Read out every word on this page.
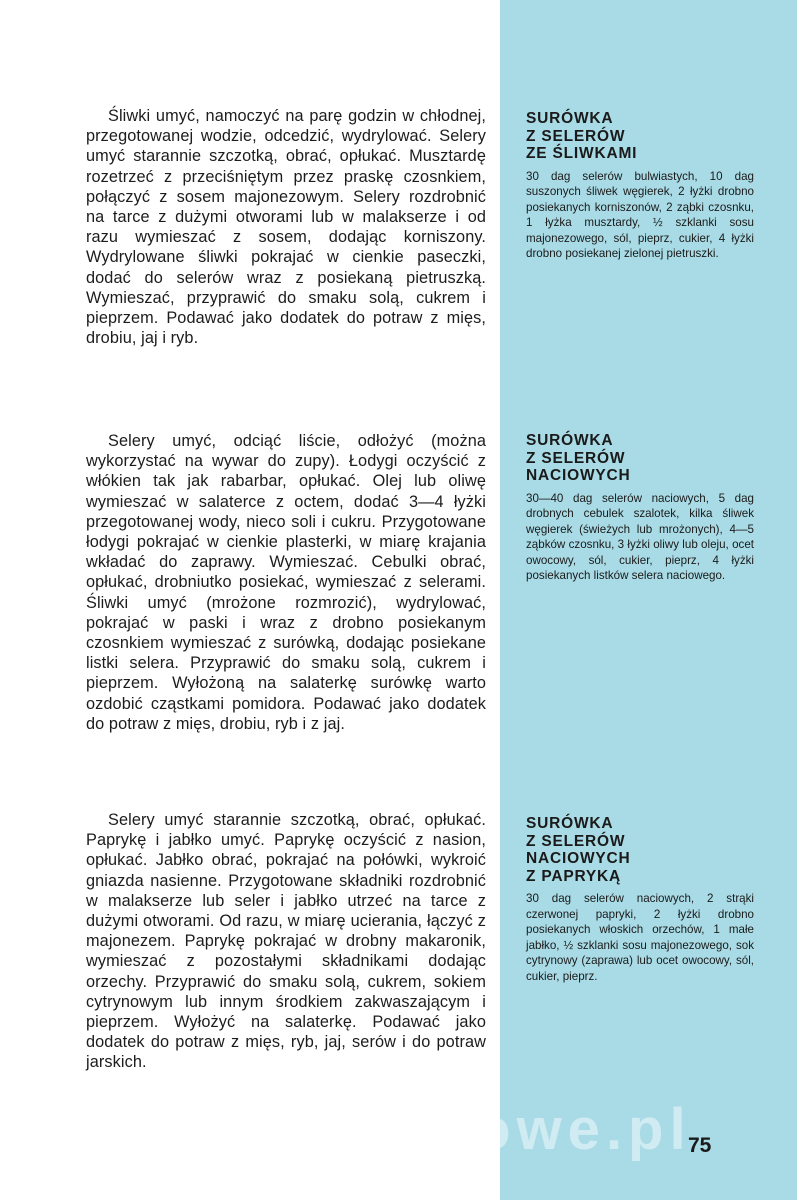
Śliwki umyć, namoczyć na parę godzin w chłodnej, przegotowanej wodzie, odcedzić, wydrylować. Selery umyć starannie szczotką, obrać, opłukać. Musztardę rozetrzeć z przeciśniętym przez praskę czosnkiem, połączyć z sosem majonezowym. Selery rozdrobnić na tarce z dużymi otworami lub w malakserze i od razu wymieszać z sosem, dodając korniszony. Wydrylowane śliwki pokrajać w cienkie paseczki, dodać do selerów wraz z posiekaną pietruszką. Wymieszać, przyprawić do smaku solą, cukrem i pieprzem. Podawać jako dodatek do potraw z mięs, drobiu, jaj i ryb.

SURÓWKA
Z SELERÓW
ZE ŚLIWKAMI

30 dag selerów bulwiastych, 10 dag suszonych śliwek węgierek, 2 łyżki drobno posiekanych korniszonów, 2 ząbki czosnku, 1 łyżka musztardy, ½ szklanki sosu majonezowego, sól, pieprz, cukier, 4 łyżki drobno posiekanej zielonej pietruszki.

Selery umyć, odciąć liście, odłożyć (można wykorzystać na wywar do zupy). Łodygi oczyścić z włókien tak jak rabarbar, opłukać. Olej lub oliwę wymieszać w salaterce z octem, dodać 3—4 łyżki przegotowanej wody, nieco soli i cukru. Przygotowane łodygi pokrajać w cienkie plasterki, w miarę krajania wkładać do zaprawy. Wymieszać. Cebulki obrać, opłukać, drobniutko posiekać, wymieszać z selerami. Śliwki umyć (mrożone rozmrozić), wydrylować, pokrajać w paski i wraz z drobno posiekanym czosnkiem wymieszać z surówką, dodając posiekane listki selera. Przyprawić do smaku solą, cukrem i pieprzem. Wyłożoną na salaterkę surówkę warto ozdobić cząstkami pomidora. Podawać jako dodatek do potraw z mięs, drobiu, ryb i z jaj.

SURÓWKA
Z SELERÓW
NACIOWYCH

30—40 dag selerów naciowych, 5 dag drobnych cebulek szalotek, kilka śliwek węgierek (świeżych lub mrożonych), 4—5 ząbków czosnku, 3 łyżki oliwy lub oleju, ocet owocowy, sól, cukier, pieprz, 4 łyżki posiekanych listków selera naciowego.

Selery umyć starannie szczotką, obrać, opłukać. Paprykę i jabłko umyć. Paprykę oczyścić z nasion, opłukać. Jabłko obrać, pokrajać na połówki, wykroić gniazda nasienne. Przygotowane składniki rozdrobnić w malakserze lub seler i jabłko utrzeć na tarce z dużymi otworami. Od razu, w miarę ucierania, łączyć z majonezem. Paprykę pokrajać w drobny makaronik, wymieszać z pozostałymi składnikami dodając orzechy. Przyprawić do smaku solą, cukrem, sokiem cytrynowym lub innym środkiem zakwaszającym i pieprzem. Wyłożyć na salaterkę. Podawać jako dodatek do potraw z mięs, ryb, jaj, serów i do potraw jarskich.

SURÓWKA
Z SELERÓW
NACIOWYCH
Z PAPRYKĄ

30 dag selerów naciowych, 2 strąki czerwonej papryki, 2 łyżki drobno posiekanych włoskich orzechów, 1 małe jabłko, ½ szklanki sosu majonezowego, sok cytrynowy (zaprawa) lub ocet owocowy, sól, cukier, pieprz.

wedlinydomowe.pl
75
